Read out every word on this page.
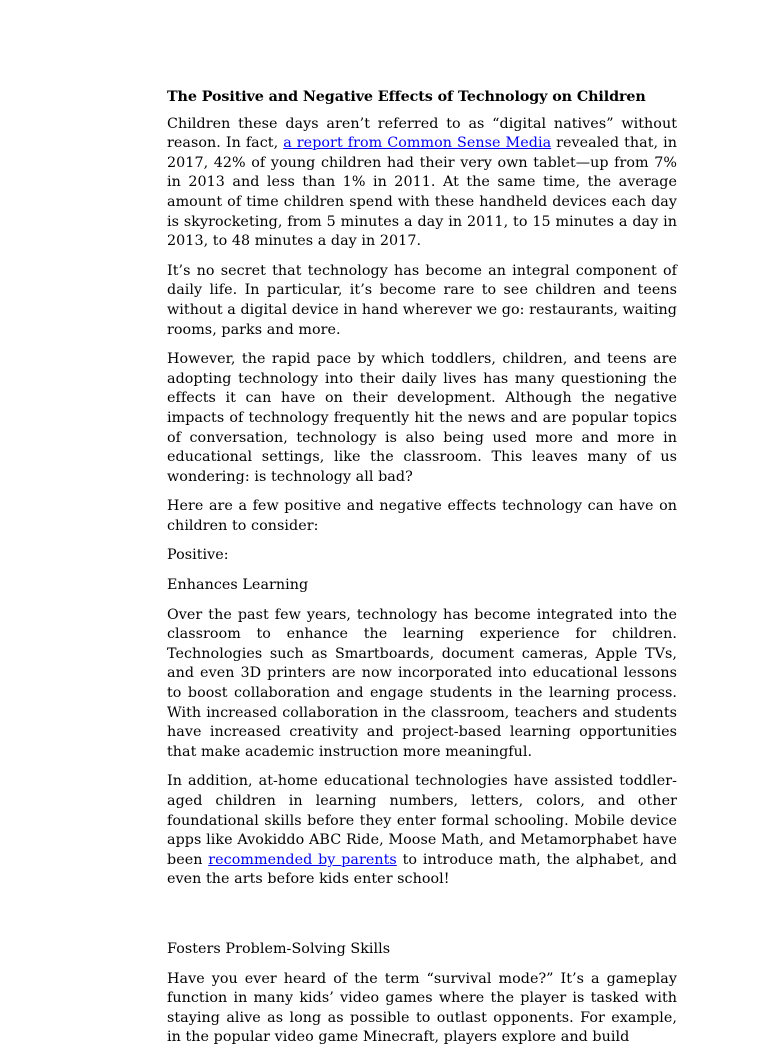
The Positive and Negative Effects of Technology on Children

Children these days aren’t referred to as “digital natives” without reason. In fact, a report from Common Sense Media revealed that, in 2017, 42% of young children had their very own tablet—up from 7% in 2013 and less than 1% in 2011. At the same time, the average amount of time children spend with these handheld devices each day is skyrocketing, from 5 minutes a day in 2011, to 15 minutes a day in 2013, to 48 minutes a day in 2017.

It’s no secret that technology has become an integral component of daily life. In particular, it’s become rare to see children and teens without a digital device in hand wherever we go: restaurants, waiting rooms, parks and more.

However, the rapid pace by which toddlers, children, and teens are adopting technology into their daily lives has many questioning the effects it can have on their development. Although the negative impacts of technology frequently hit the news and are popular topics of conversation, technology is also being used more and more in educational settings, like the classroom. This leaves many of us wondering: is technology all bad?

Here are a few positive and negative effects technology can have on children to consider:

Positive:

Enhances Learning

Over the past few years, technology has become integrated into the classroom to enhance the learning experience for children. Technologies such as Smartboards, document cameras, Apple TVs, and even 3D printers are now incorporated into educational lessons to boost collaboration and engage students in the learning process. With increased collaboration in the classroom, teachers and students have increased creativity and project-based learning opportunities that make academic instruction more meaningful.

In addition, at-home educational technologies have assisted toddler-aged children in learning numbers, letters, colors, and other foundational skills before they enter formal schooling. Mobile device apps like Avokiddo ABC Ride, Moose Math, and Metamorphabet have been recommended by parents to introduce math, the alphabet, and even the arts before kids enter school!

Fosters Problem-Solving Skills

Have you ever heard of the term “survival mode?” It’s a gameplay function in many kids’ video games where the player is tasked with staying alive as long as possible to outlast opponents. For example, in the popular video game Minecraft, players explore and build
